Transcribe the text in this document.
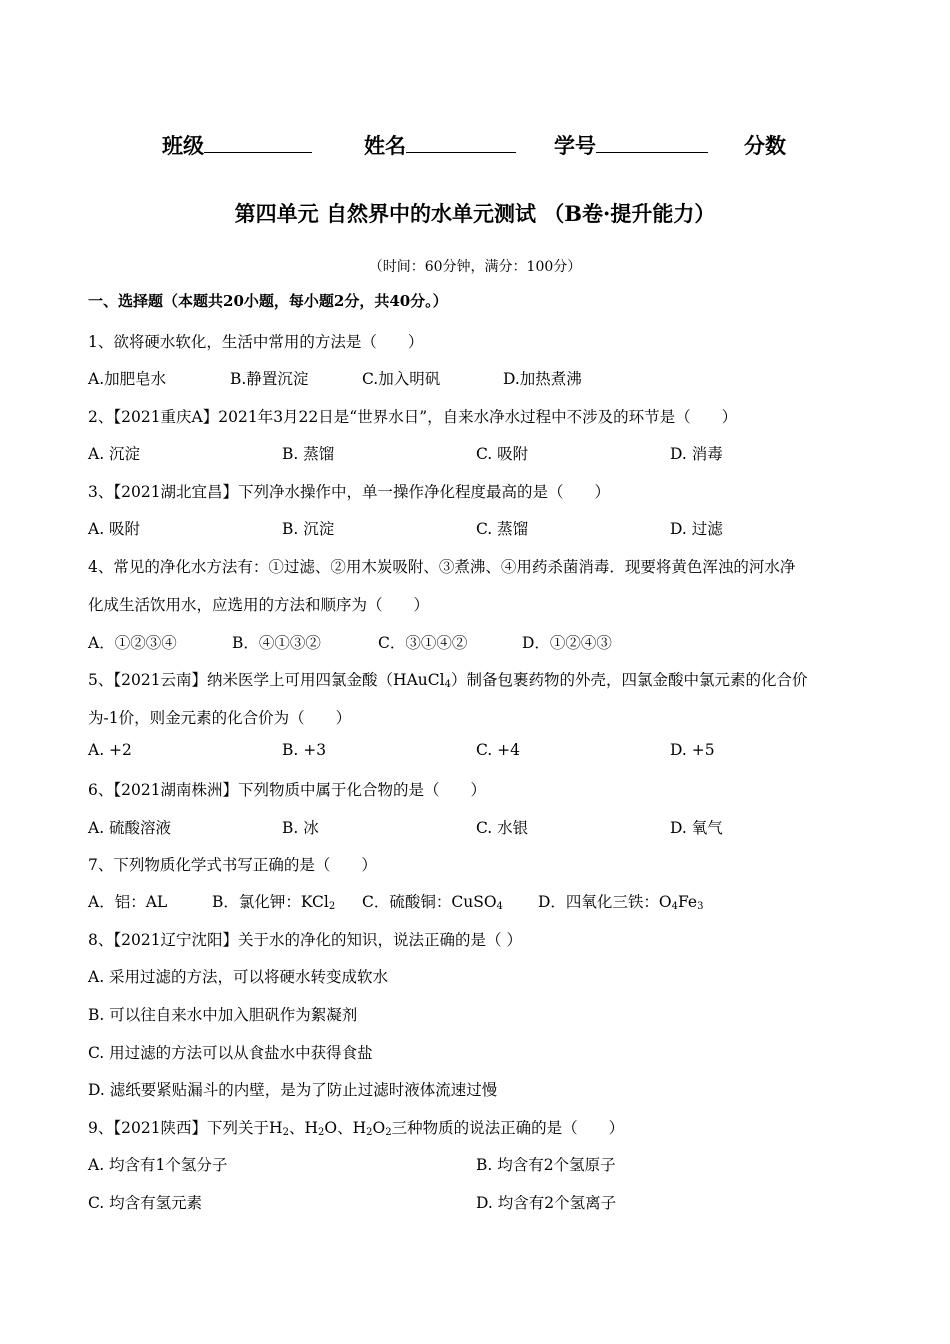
班级	姓名	学号	分数
第四单元 自然界中的水单元测试 （B卷·提升能力）
（时间：60分钟，满分：100分）
一、选择题（本题共20小题，每小题2分，共40分。）
1、欲将硬水软化，生活中常用的方法是（　　）
A.加肥皂水	B.静置沉淀	C.加入明矾	D.加热煮沸
2、【2021重庆A】2021年3月22日是“世界水日”，自来水净水过程中不涉及的环节是（　　）
A. 沉淀	B. 蒸馏	C. 吸附	D. 消毒
3、【2021湖北宜昌】下列净水操作中，单一操作净化程度最高的是（　　）
A. 吸附	B. 沉淀	C. 蒸馏	D. 过滤
4、常见的净化水方法有：①过滤、②用木炭吸附、③煮沸、④用药杀菌消毒．现要将黄色浑浊的河水净
化成生活饮用水，应选用的方法和顺序为（　　）
A．①②③④	B．④①③②	C．③①④②	D．①②④③
5、【2021云南】纳米医学上可用四氯金酸（HAuCl$_4$）制备包裹药物的外壳，四氯金酸中氯元素的化合价
为-1价，则金元素的化合价为（　　）
A. +2	B. +3	C. +4	D. +5
6、【2021湖南株洲】下列物质中属于化合物的是（　　）
A. 硫酸溶液	B. 冰	C. 水银	D. 氧气
7、下列物质化学式书写正确的是（　　）
A．铝：AL	B．氯化钾：KCl$_2$ C．硫酸铜：CuSO$_4$ D．四氧化三铁：$O_4Fe_3$
8、【2021辽宁沈阳】关于水的净化的知识，说法正确的是（ ）
A. 采用过滤的方法，可以将硬水转变成软水
B. 可以往自来水中加入胆矾作为絮凝剂
C. 用过滤的方法可以从食盐水中获得食盐
D. 滤纸要紧贴漏斗的内壁，是为了防止过滤时液体流速过慢
9、【2021陕西】下列关于$H_2$、$H_2O$、$H_2O_2$三种物质的说法正确的是（　　）
A. 均含有1个氢分子	B. 均含有2个氢原子
C. 均含有氢元素	D. 均含有2个氢离子
